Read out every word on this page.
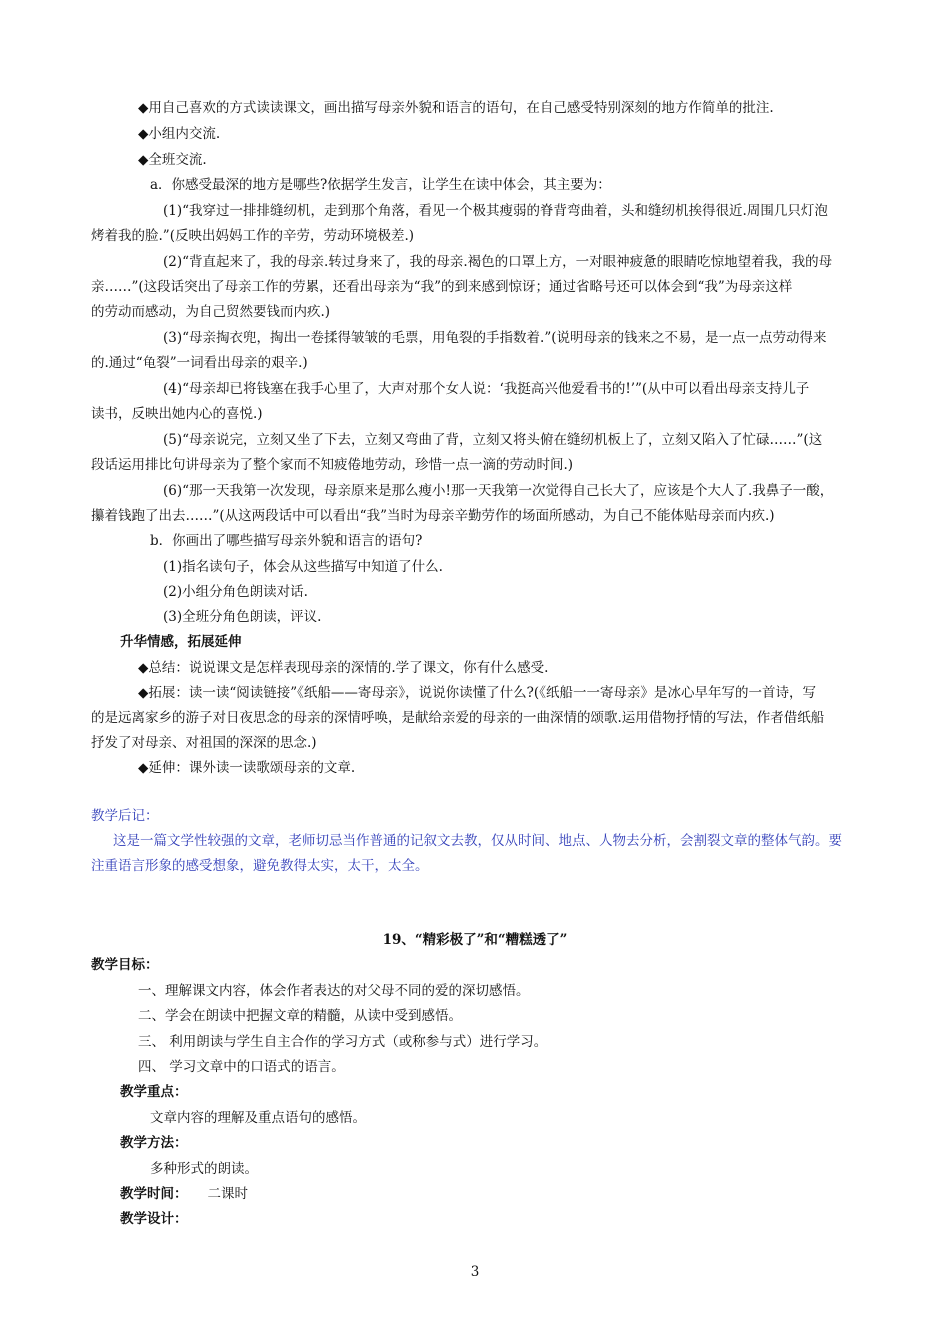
◆用自己喜欢的方式读读课文，画出描写母亲外貌和语言的语句，在自己感受特别深刻的地方作简单的批注.
◆小组内交流.
◆全班交流.
a．你感受最深的地方是哪些?依据学生发言，让学生在读中体会，其主要为：
(1)“我穿过一排排缝纫机，走到那个角落，看见一个极其瘦弱的脊背弯曲着，头和缝纫机挨得很近.周围几只灯泡
烤着我的脸.”(反映出妈妈工作的辛劳，劳动环境极差.)
(2)“背直起来了，我的母亲.转过身来了，我的母亲.褐色的口罩上方，一对眼神疲惫的眼睛吃惊地望着我，我的母
亲……”(这段话突出了母亲工作的劳累，还看出母亲为“我”的到来感到惊讶；通过省略号还可以体会到“我”为母亲这样
的劳动而感动，为自己贸然要钱而内疚.)
(3)“母亲掏衣兜，掏出一卷揉得皱皱的毛票，用龟裂的手指数着.”(说明母亲的钱来之不易，是一点一点劳动得来
的.通过“龟裂”一词看出母亲的艰辛.)
(4)“母亲却已将钱塞在我手心里了，大声对那个女人说：‘我挺高兴他爱看书的!’”(从中可以看出母亲支持儿子
读书，反映出她内心的喜悦.)
(5)“母亲说完，立刻又坐了下去，立刻又弯曲了背，立刻又将头俯在缝纫机板上了，立刻又陷入了忙碌……”(这
段话运用排比句讲母亲为了整个家而不知疲倦地劳动，珍惜一点一滴的劳动时间.)
(6)“那一天我第一次发现，母亲原来是那么瘦小!那一天我第一次觉得自己长大了，应该是个大人了.我鼻子一酸，
攥着钱跑了出去……”(从这两段话中可以看出“我”当时为母亲辛勤劳作的场面所感动，为自己不能体贴母亲而内疚.)
b．你画出了哪些描写母亲外貌和语言的语句?
(1)指名读句子，体会从这些描写中知道了什么.
(2)小组分角色朗读对话.
(3)全班分角色朗读，评议.
升华情感，拓展延伸
◆总结：说说课文是怎样表现母亲的深情的.学了课文，你有什么感受.
◆拓展：读一读“阅读链接”《纸船——寄母亲》，说说你读懂了什么?(《纸船一一寄母亲》是冰心早年写的一首诗，写
的是远离家乡的游子对日夜思念的母亲的深情呼唤，是献给亲爱的母亲的一曲深情的颂歌.运用借物抒情的写法，作者借纸船
抒发了对母亲、对祖国的深深的思念.)
◆延伸：课外读一读歌颂母亲的文章.
教学后记：
这是一篇文学性较强的文章，老师切忌当作普通的记叙文去教，仅从时间、地点、人物去分析，会割裂文章的整体气韵。要
注重语言形象的感受想象，避免教得太实，太干，太全。
19、“精彩极了”和“糟糕透了”
教学目标：
一、理解课文内容，体会作者表达的对父母不同的爱的深切感悟。
二、学会在朗读中把握文章的精髓，从读中受到感悟。
三、 利用朗读与学生自主合作的学习方式（或称参与式）进行学习。
四、 学习文章中的口语式的语言。
教学重点：
文章内容的理解及重点语句的感悟。
教学方法：
多种形式的朗读。
教学时间： 二课时
教学设计：
3
